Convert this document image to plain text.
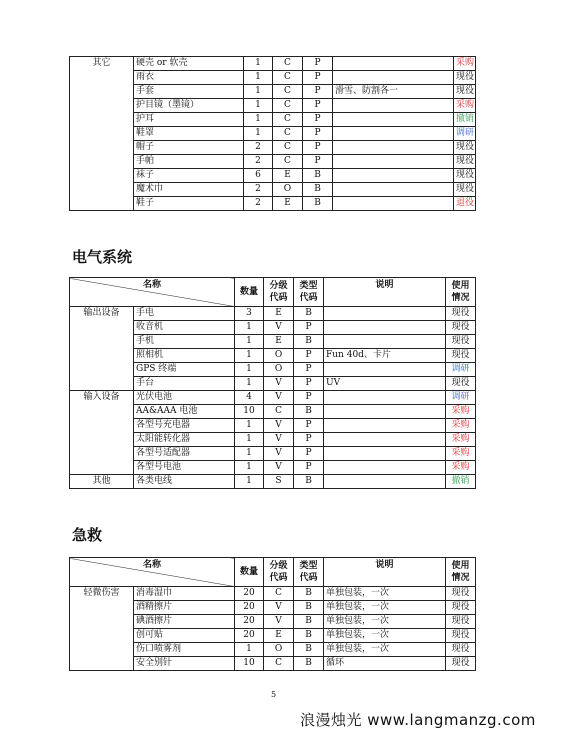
其它	硬壳 or 软壳	1	C	P		采购
	雨衣	1	C	P		现役
	手套	1	C	P	滑雪、防割各一	现役
	护目镜（墨镜）	1	C	P		采购
	护耳	1	C	P		撤销
	鞋罩	1	C	P		调研
	帽子	2	C	P		现役
	手帕	2	C	P		现役
	袜子	6	E	B		现役
	魔术巾	2	O	B		现役
	鞋子	2	E	B		退役
电气系统
名称		数量	分级代码	类型代码	说明	使用情况
输出设备	手电	3	E	B		现役
	收音机	1	V	P		现役
	手机	1	E	B		现役
	照相机	1	O	P	Fun 40d、卡片	现役
	GPS 终端	1	O	P		调研
	手台	1	V	P	UV	现役
输入设备	光伏电池	4	V	P		调研
	AA&AAA 电池	10	C	B		采购
	各型号充电器	1	V	P		采购
	太阳能转化器	1	V	P		采购
	各型号适配器	1	V	P		采购
	各型号电池	1	V	P		采购
其他	各类电线	1	S	B		撤销
急救
名称		数量	分级代码	类型代码	说明	使用情况
轻微伤害	消毒湿巾	20	C	B	单独包装，一次	现役
	酒精擦片	20	V	B	单独包装，一次	现役
	碘酒擦片	20	V	B	单独包装，一次	现役
	创可贴	20	E	B	单独包装，一次	现役
	伤口喷雾剂	1	O	B	单独包装，一次	现役
	安全别针	10	C	B	循环	现役
5
浪漫烛光 www.langmanzg.com
